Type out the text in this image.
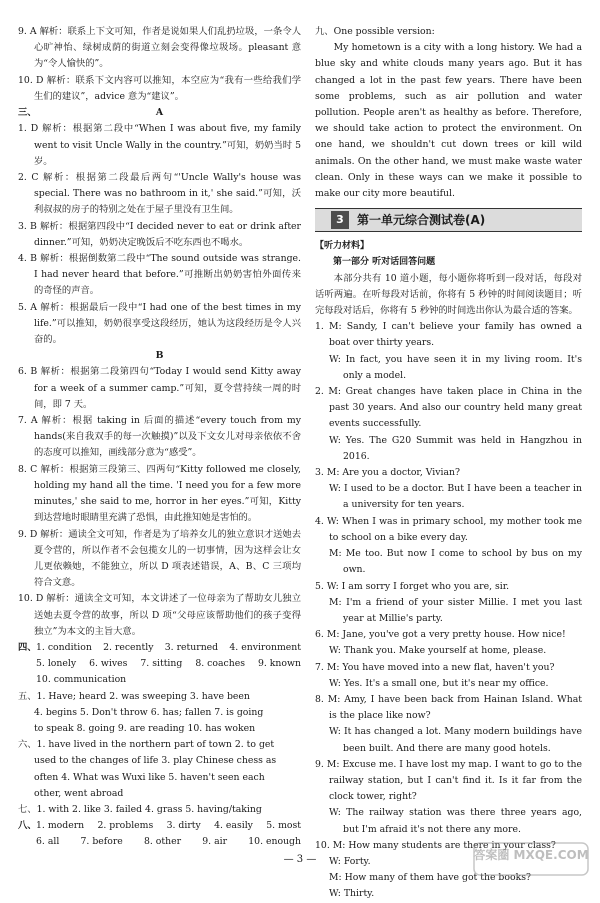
9. A 解析：联系上下文可知，作者是说如果人们乱扔垃圾，一条令人心旷神怡、绿树成荫的街道立刻会变得像垃圾场。pleasant 意为“令人愉快的”。

10. D 解析：联系下文内容可以推知，本空应为“我有一些给我们学生们的建议”，advice 意为“建议”。

三、	A

1. D 解析：根据第二段中“When I was about five, my family went to visit Uncle Wally in the country.”可知，奶奶当时 5 岁。

2. C 解析：根据第二段最后两句“'Uncle Wally's house was special. There was no bathroom in it,' she said.”可知，沃利叔叔的房子的特别之处在于屋子里没有卫生间。

3. B 解析：根据第四段中“I decided never to eat or drink after dinner.”可知，奶奶决定晚饭后不吃东西也不喝水。

4. B 解析：根据倒数第二段中“The sound outside was strange. I had never heard that before.”可推断出奶奶害怕外面传来的奇怪的声音。

5. A 解析：根据最后一段中“I had one of the best times in my life.”可以推知，奶奶很享受这段经历，她认为这段经历是令人兴奋的。

B

6. B 解析：根据第二段第四句“Today I would send Kitty away for a week of a summer camp.”可知，夏令营持续一周的时间，即 7 天。

7. A 解析：根据 taking in 后面的描述“every touch from my hands(来自我双手的每一次触摸)”以及下文女儿对母亲依依不舍的态度可以推知，画线部分意为“感受”。

8. C 解析：根据第三段第三、四两句“Kitty followed me closely, holding my hand all the time. 'I need you for a few more minutes,' she said to me, horror in her eyes.”可知，Kitty 到达营地时眼睛里充满了恐惧，由此推知她是害怕的。

9. D 解析：通读全文可知，作者是为了培养女儿的独立意识才送她去夏令营的，所以作者不会包揽女儿的一切事情，因为这样会让女儿更依赖她，不能独立，所以 D 项表述错误，A、B、C 三项均符合文意。

10. D 解析：通读全文可知，本文讲述了一位母亲为了帮助女儿独立送她去夏令营的故事，所以 D 项“父母应该帮助他们的孩子变得独立”为本文的主旨大意。

四、 1. condition 2. recently 3. returned 4. environment
5. lonely 6. wives 7. sitting 8. coaches 9. known
10. communication
五、1. Have; heard 2. was sweeping 3. have been
4. begins 5. Don't throw 6. has; fallen 7. is going
to speak 8. going 9. are reading 10. has woken
六、1. have lived in the northern part of town 2. to get
used to the changes of life 3. play Chinese chess as
often 4. What was Wuxi like 5. haven't seen each
other, went abroad
七、1. with 2. like 3. failed 4. grass 5. having/taking
八、 1. modern 2. problems 3. dirty 4. easily 5. most
6. all 7. before 8. other 9. air 10. enough

九、One possible version:

My hometown is a city with a long history. We had a blue sky and white clouds many years ago. But it has changed a lot in the past few years. There have been some problems, such as air pollution and water pollution. People aren't as healthy as before. Therefore, we should take action to protect the environment. On one hand, we shouldn't cut down trees or kill wild animals. On the other hand, we must make waste water clean. Only in these ways can we make it possible to make our city more beautiful.

3	第一单元综合测试卷(A)

【听力材料】

第一部分 听对话回答问题

本部分共有 10 道小题，每小题你将听到一段对话，每段对话听两遍。在听每段对话前，你将有 5 秒钟的时间阅读题目；听完每段对话后，你将有 5 秒钟的时间选出你认为最合适的答案。

1. M: Sandy, I can't believe your family has owned a boat over thirty years.

W: In fact, you have seen it in my living room. It's only a model.

2. M: Great changes have taken place in China in the past 30 years. And also our country held many great events successfully.

W: Yes. The G20 Summit was held in Hangzhou in 2016.

3. M: Are you a doctor, Vivian?

W: I used to be a doctor. But I have been a teacher in a university for ten years.

4. W: When I was in primary school, my mother took me to school on a bike every day.

M: Me too. But now I come to school by bus on my own.

5. W: I am sorry I forget who you are, sir.

M: I'm a friend of your sister Millie. I met you last year at Millie's party.

6. M: Jane, you've got a very pretty house. How nice!

W: Thank you. Make yourself at home, please.

7. M: You have moved into a new flat, haven't you?

W: Yes. It's a small one, but it's near my office.

8. M: Amy, I have been back from Hainan Island. What is the place like now?

W: It has changed a lot. Many modern buildings have been built. And there are many good hotels.

9. M: Excuse me. I have lost my map. I want to go to the railway station, but I can't find it. Is it far from the clock tower, right?

W: The railway station was there three years ago, but I'm afraid it's not there any more.

10. M: How many students are there in your class?

W: Forty.

M: How many of them have got the books?

W: Thirty.

— 3 —	答案圈 MXQE.COM
